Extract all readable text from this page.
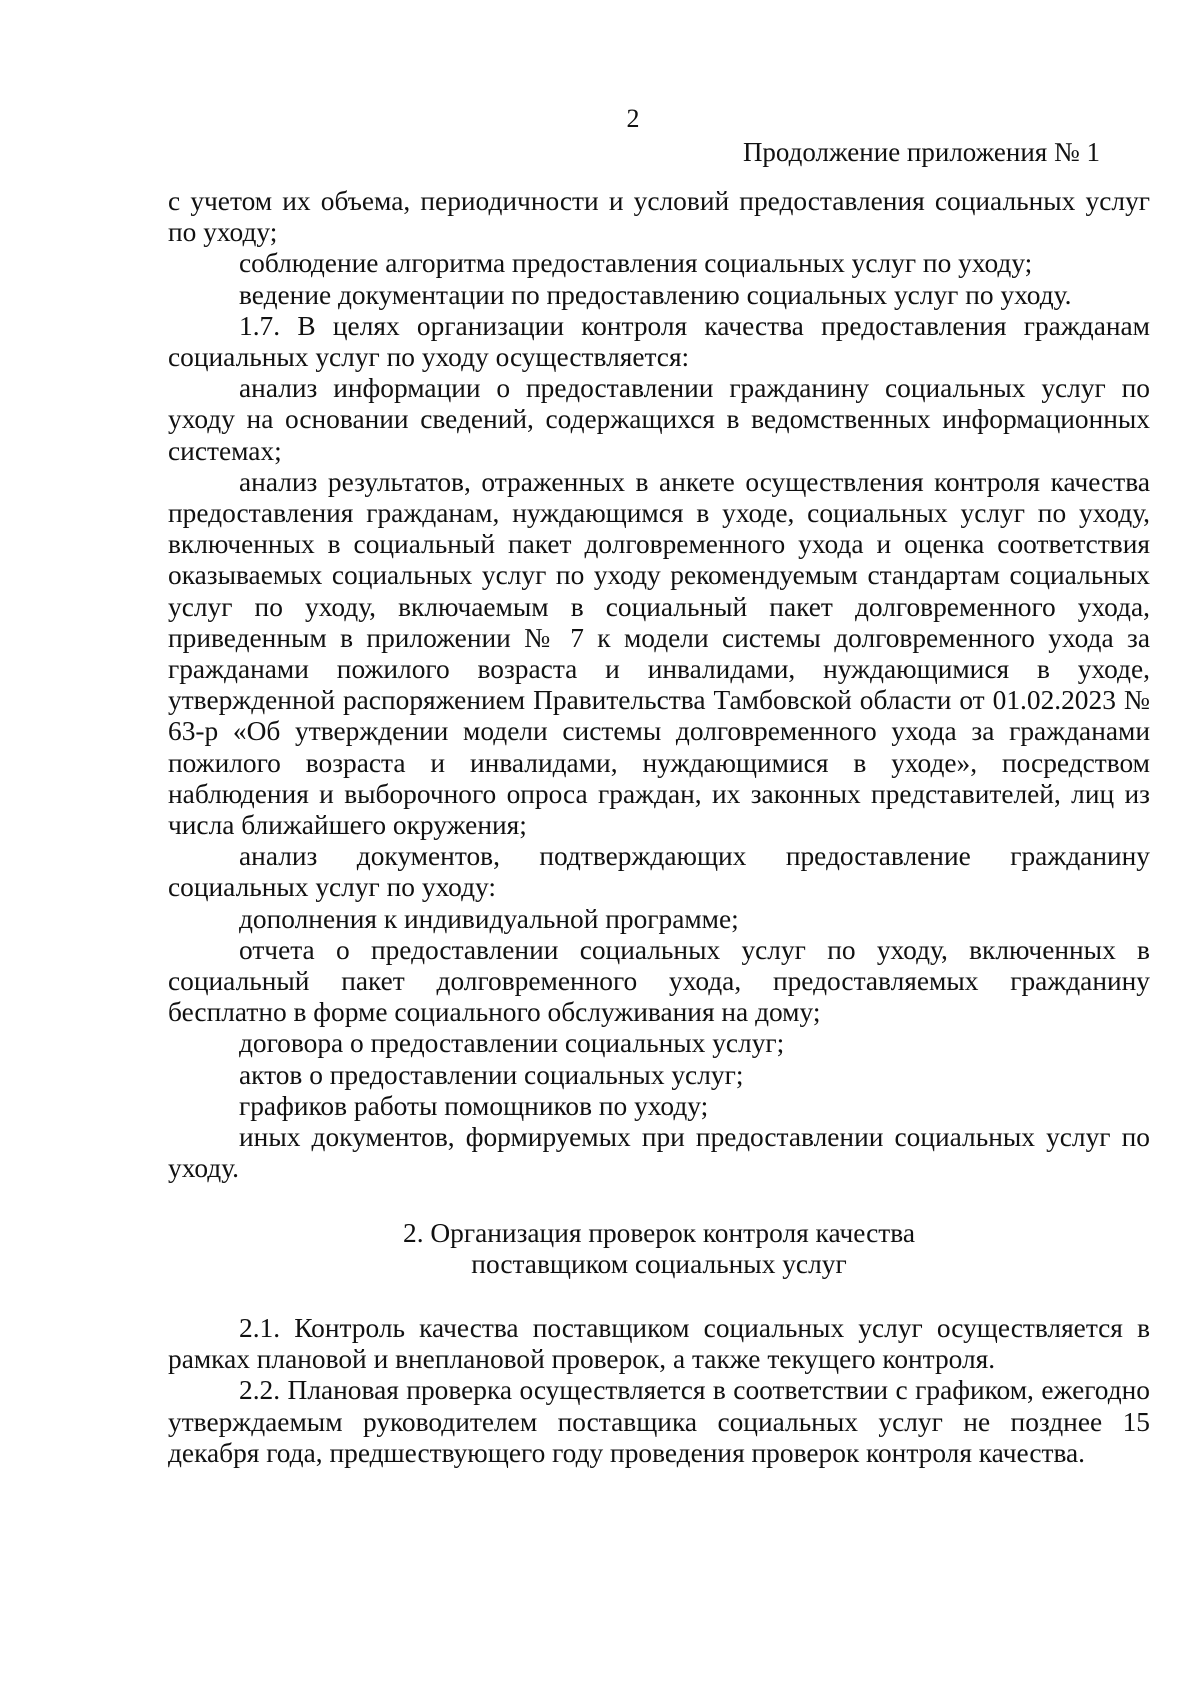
2
Продолжение приложения № 1

с учетом их объема, периодичности и условий предоставления социальных услуг по уходу;

соблюдение алгоритма предоставления социальных услуг по уходу;

ведение документации по предоставлению социальных услуг по уходу.

1.7. В целях организации контроля качества предоставления гражданам социальных услуг по уходу осуществляется:

анализ информации о предоставлении гражданину социальных услуг по уходу на основании сведений, содержащихся в ведомственных информационных системах;

анализ результатов, отраженных в анкете осуществления контроля качества предоставления гражданам, нуждающимся в уходе, социальных услуг по уходу, включенных в социальный пакет долговременного ухода и оценка соответствия оказываемых социальных услуг по уходу рекомендуемым стандартам социальных услуг по уходу, включаемым в социальный пакет долговременного ухода, приведенным в приложении № 7 к модели системы долговременного ухода за гражданами пожилого возраста и инвалидами, нуждающимися в уходе, утвержденной распоряжением Правительства Тамбовской области от 01.02.2023 № 63-р «Об утверждении модели системы долговременного ухода за гражданами пожилого возраста и инвалидами, нуждающимися в уходе», посредством наблюдения и выборочного опроса граждан, их законных представителей, лиц из числа ближайшего окружения;

анализ документов, подтверждающих предоставление гражданину социальных услуг по уходу:

дополнения к индивидуальной программе;

отчета о предоставлении социальных услуг по уходу, включенных в социальный пакет долговременного ухода, предоставляемых гражданину бесплатно в форме социального обслуживания на дому;

договора о предоставлении социальных услуг;

актов о предоставлении социальных услуг;

графиков работы помощников по уходу;

иных документов, формируемых при предоставлении социальных услуг по уходу.

2. Организация проверок контроля качества
поставщиком социальных услуг

2.1. Контроль качества поставщиком социальных услуг осуществляется в рамках плановой и внеплановой проверок, а также текущего контроля.

2.2. Плановая проверка осуществляется в соответствии с графиком, ежегодно утверждаемым руководителем поставщика социальных услуг не позднее 15 декабря года, предшествующего году проведения проверок контроля качества.
